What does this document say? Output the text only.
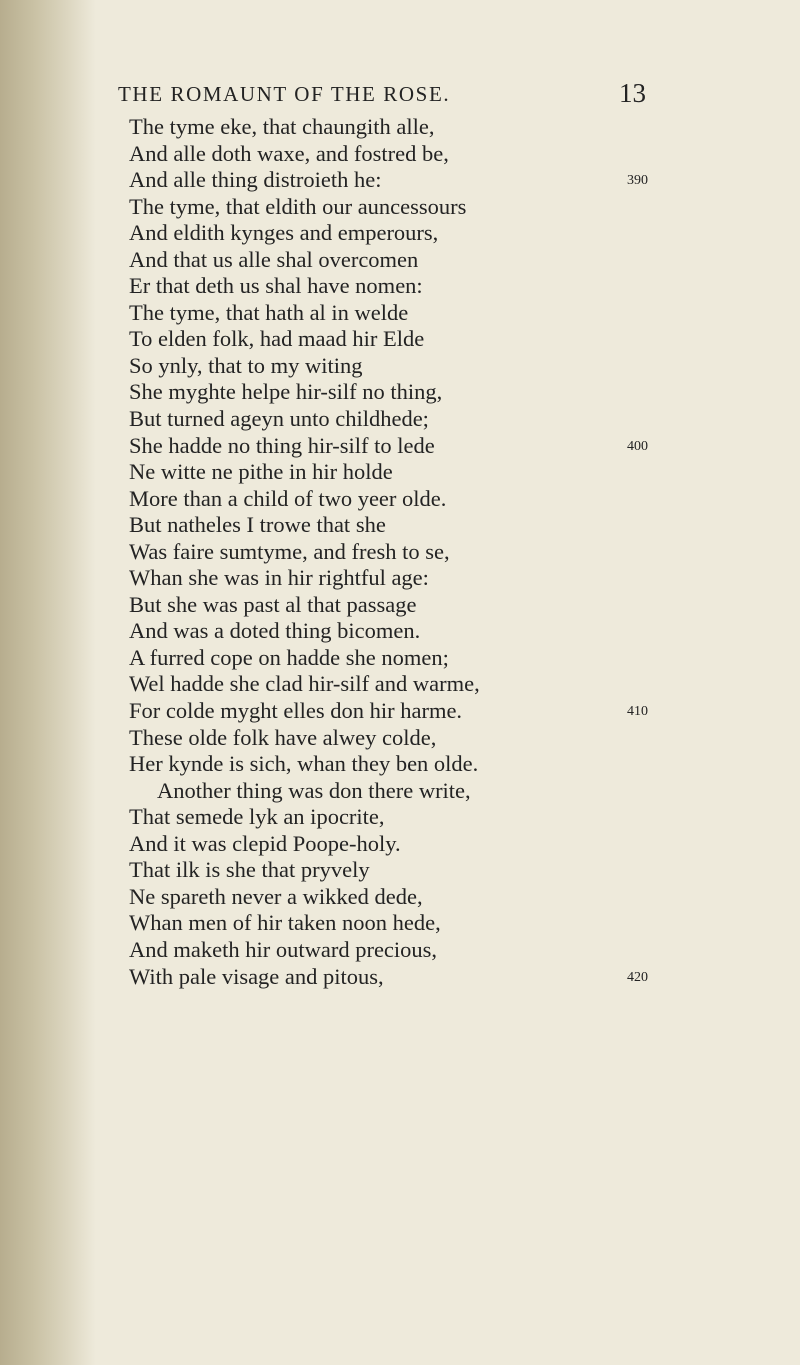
THE ROMAUNT OF THE ROSE.	13
The tyme eke, that chaungith alle,
And alle doth waxe, and fostred be,
And alle thing distroieth he:	390
The tyme, that eldith our auncessours
And eldith kynges and emperours,
And that us alle shal overcomen
Er that deth us shal have nomen:
The tyme, that hath al in welde
To elden folk, had maad hir Elde
So ynly, that to my witing
She myghte helpe hir-silf no thing,
But turned ageyn unto childhede;
She hadde no thing hir-silf to lede	400
Ne witte ne pithe in hir holde
More than a child of two yeer olde.
But natheles I trowe that she
Was faire sumtyme, and fresh to se,
Whan she was in hir rightful age:
But she was past al that passage
And was a doted thing bicomen.
A furred cope on hadde she nomen;
Wel hadde she clad hir-silf and warme,
For colde myght elles don hir harme.	410
These olde folk have alwey colde,
Her kynde is sich, whan they ben olde.
Another thing was don there write,
That semede lyk an ipocrite,
And it was clepid Poope-holy.
That ilk is she that pryvely
Ne spareth never a wikked dede,
Whan men of hir taken noon hede,
And maketh hir outward precious,
With pale visage and pitous,	420
